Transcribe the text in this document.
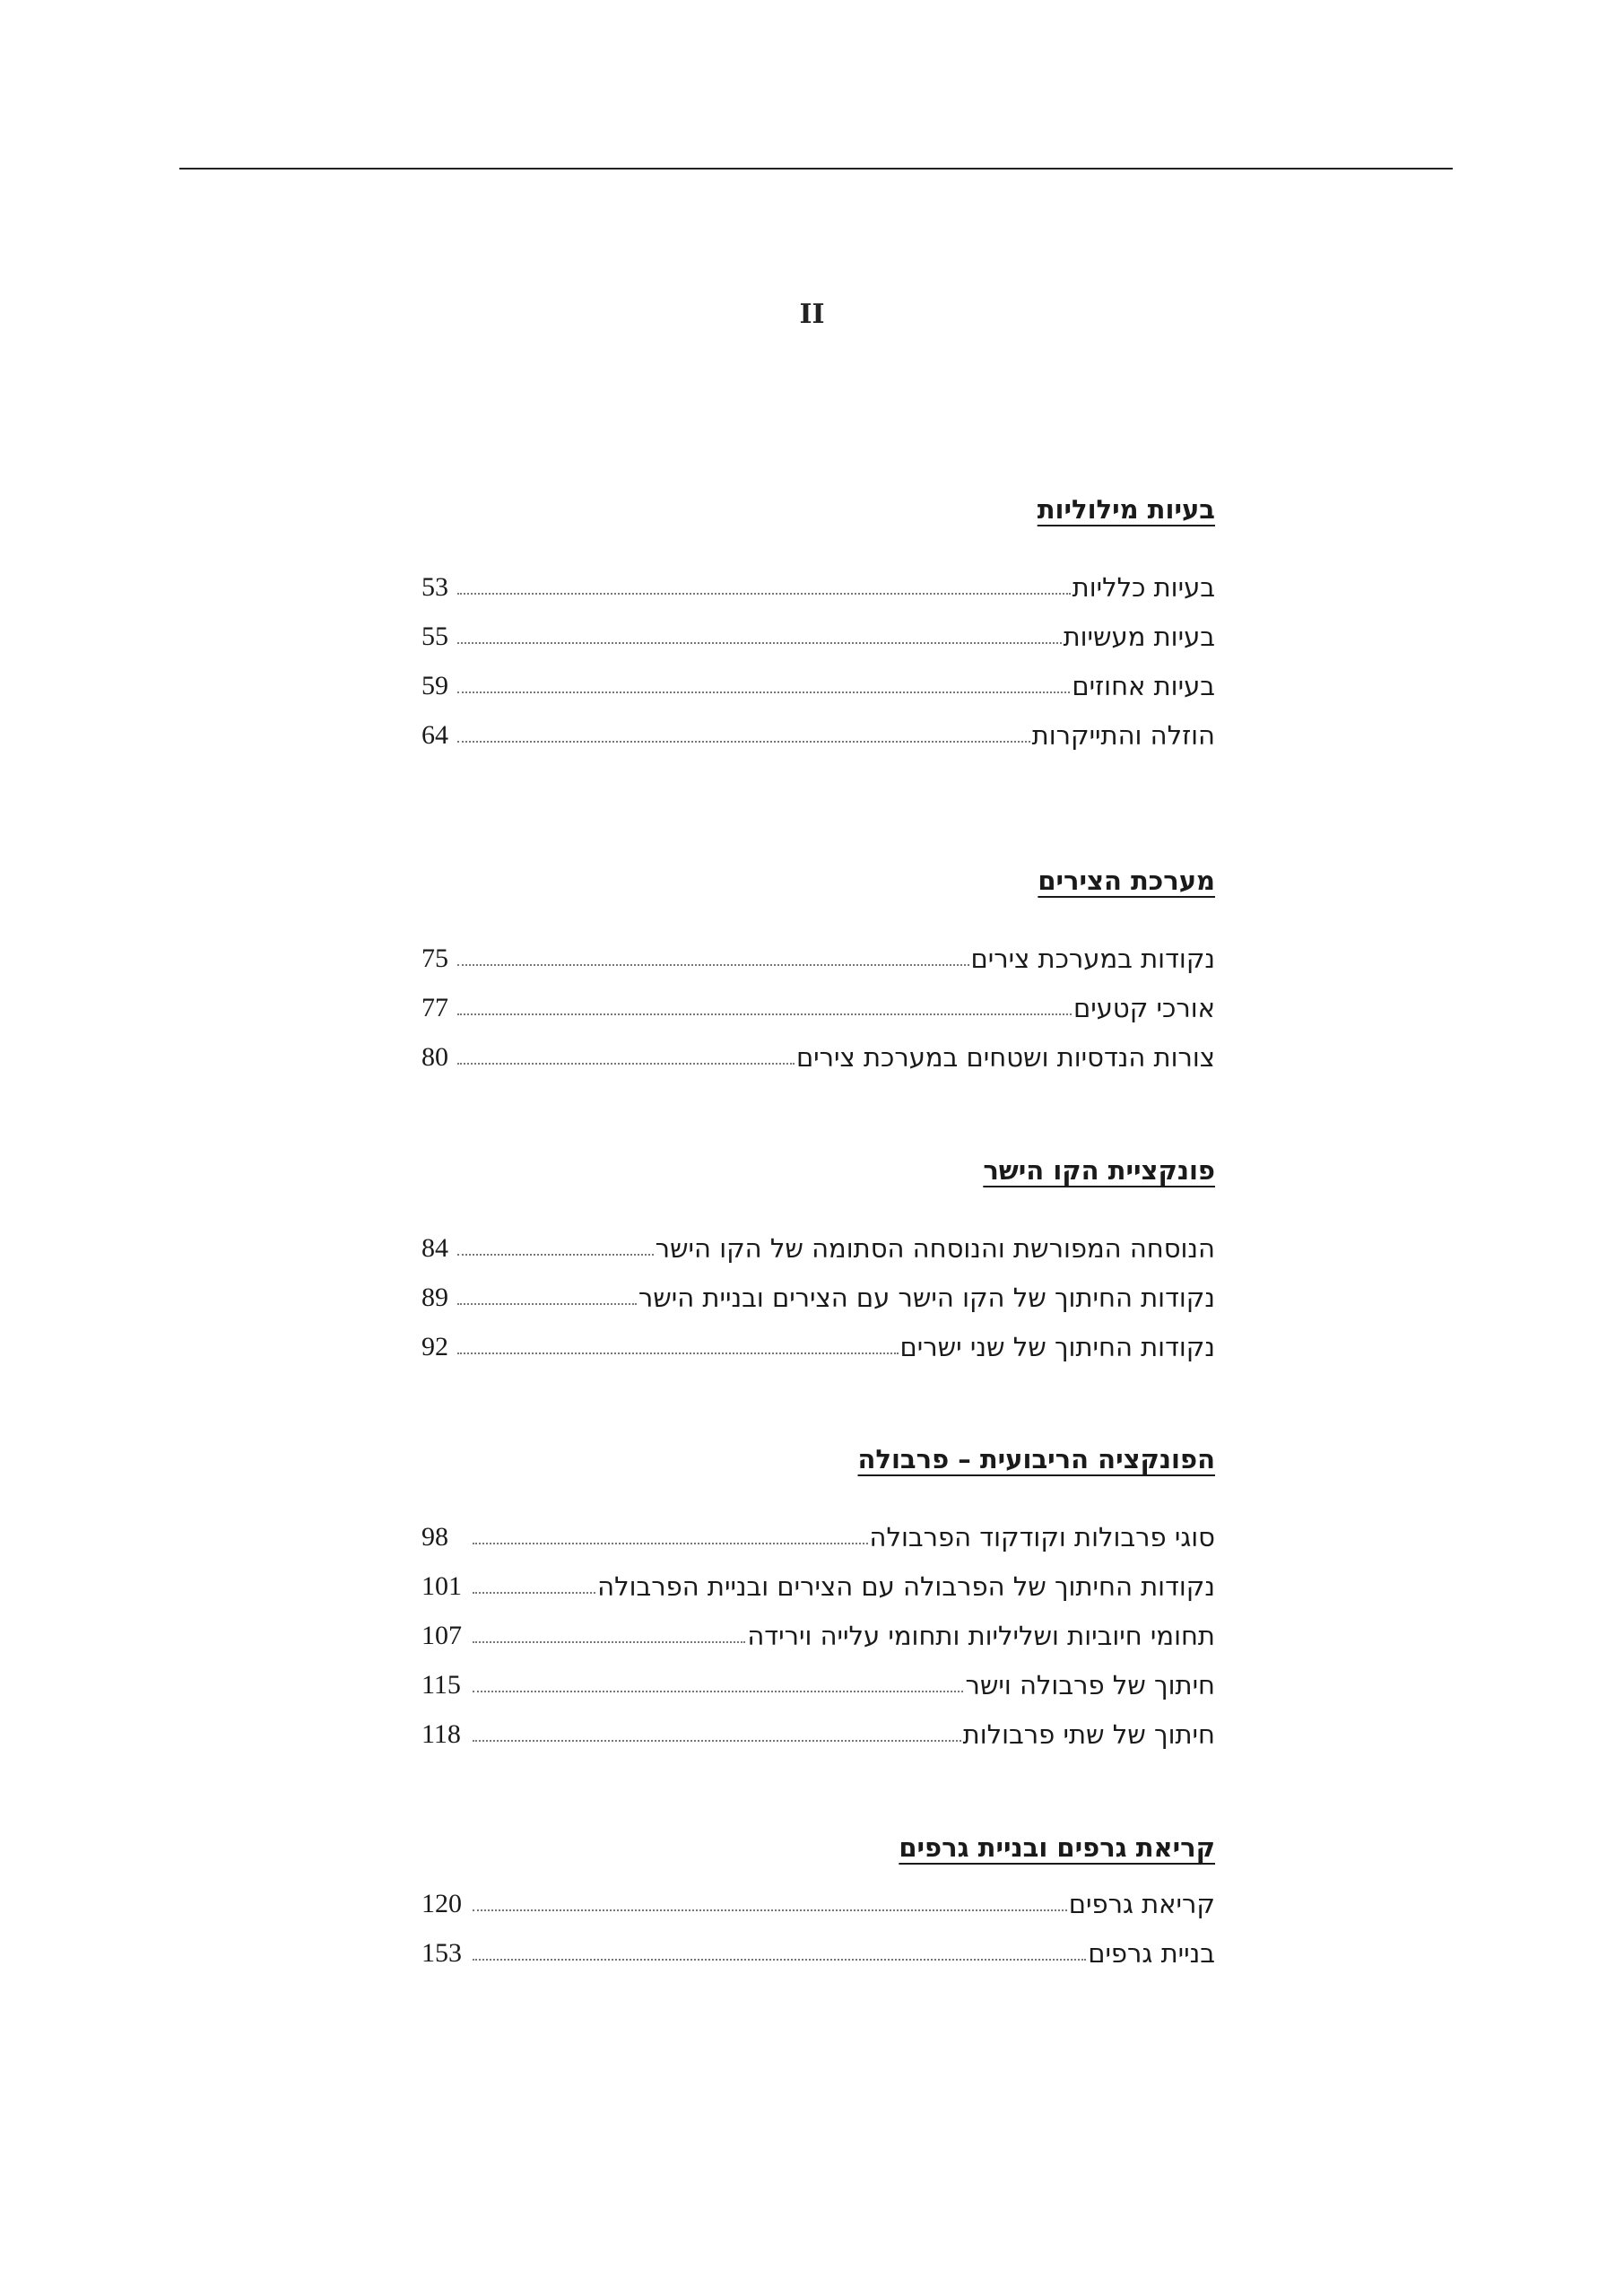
II
בעיות מילוליות
בעיות כלליות
53
בעיות מעשיות
55
בעיות אחוזים
59
הוזלה והתייקרות
64
מערכת הצירים
נקודות במערכת צירים
75
אורכי קטעים
77
צורות הנדסיות ושטחים במערכת צירים
80
פונקציית הקו הישר
הנוסחה המפורשת והנוסחה הסתומה של הקו הישר
84
נקודות החיתוך של הקו הישר עם הצירים ובניית הישר
89
נקודות החיתוך של שני ישרים
92
הפונקציה הריבועית – פרבולה
סוגי פרבולות וקודקוד הפרבולה
98
נקודות החיתוך של הפרבולה עם הצירים ובניית הפרבולה
101
תחומי חיוביות ושליליות ותחומי עלייה וירידה
107
חיתוך של פרבולה וישר
115
חיתוך של שתי פרבולות
118
קריאת גרפים ובניית גרפים
קריאת גרפים
120
בניית גרפים
153
